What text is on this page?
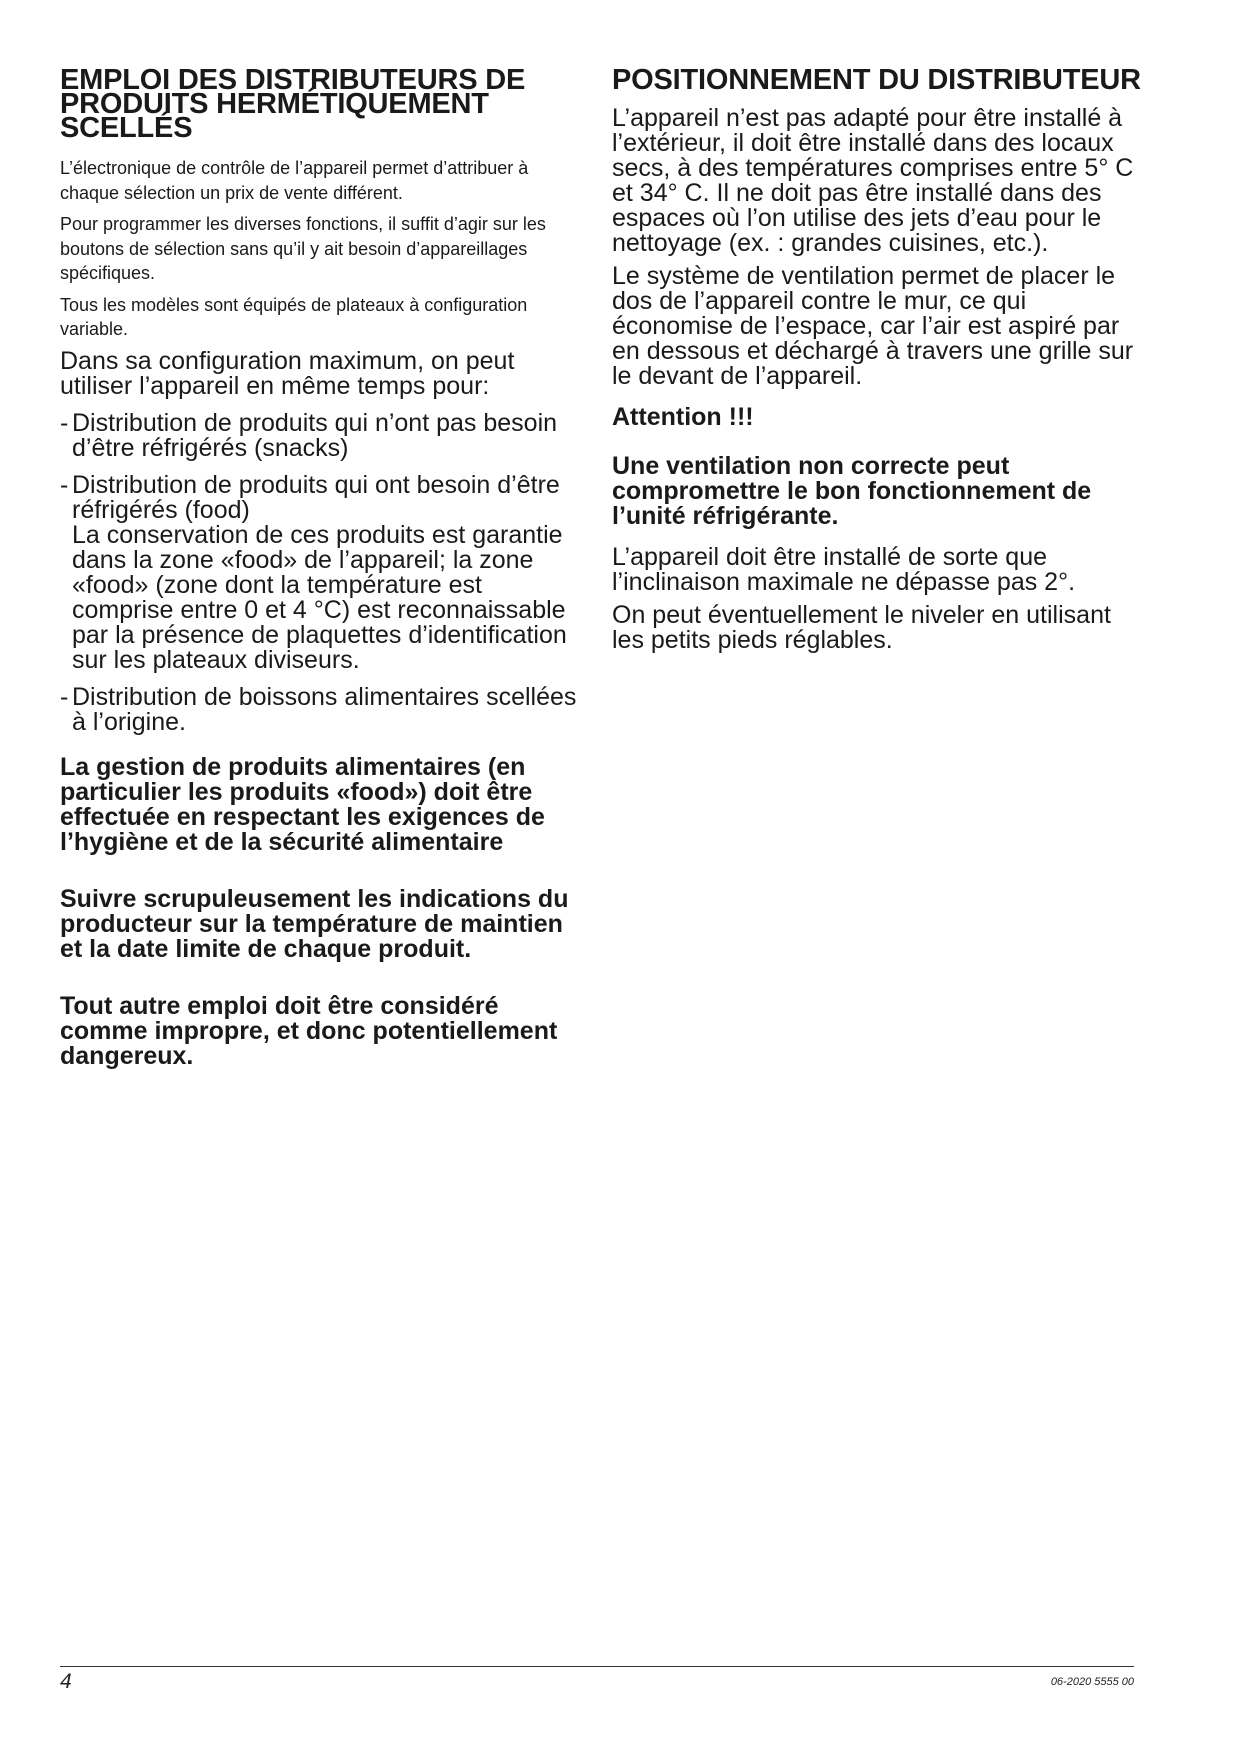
EMPLOI DES DISTRIBUTEURS DE PRODUITS HERMÉTIQUEMENT SCELLÉS

L’électronique de contrôle de l’appareil permet d’attribuer à chaque sélection un prix de vente différent.

Pour programmer les diverses fonctions, il suffit d’agir sur les boutons de sélection sans qu’il y ait besoin d’appareillages spécifiques.

Tous les modèles sont équipés de plateaux à configuration variable.

Dans sa configuration maximum, on peut utiliser l’appareil en même temps pour:

- Distribution de produits qui n’ont pas besoin d’être réfrigérés (snacks)
- Distribution de produits qui ont besoin d’être réfrigérés (food)
La conservation de ces produits est garantie dans la zone «food» de l’appareil; la zone «food» (zone dont la température est comprise entre 0 et 4 °C) est reconnaissable par la présence de plaquettes d’identification sur les plateaux diviseurs.
- Distribution de boissons alimentaires scellées à l’origine.

La gestion de produits alimentaires (en particulier les produits «food») doit être effectuée en respectant les exigences de l’hygiène et de la sécurité alimentaire

Suivre scrupuleusement les indications du producteur sur la température de maintien et la date limite de chaque produit.

Tout autre emploi doit être considéré comme impropre, et donc potentiellement dangereux.

POSITIONNEMENT DU DISTRIBUTEUR

L’appareil n’est pas adapté pour être installé à l’extérieur, il doit être installé dans des locaux secs, à des températures comprises entre 5° C et 34° C. Il ne doit pas être installé dans des espaces où l’on utilise des jets d’eau pour le nettoyage (ex. : grandes cuisines, etc.).

Le système de ventilation permet de placer le dos de l’appareil contre le mur, ce qui économise de l’espace, car l’air est aspiré par en dessous et déchargé à travers une grille sur le devant de l’appareil.

Attention !!!

Une ventilation non correcte peut compromettre le bon fonctionnement de l’unité réfrigérante.

L’appareil doit être installé de sorte que l’inclinaison maximale ne dépasse pas 2°.

On peut éventuellement le niveler en utilisant les petits pieds réglables.

4	06-2020 5555 00
